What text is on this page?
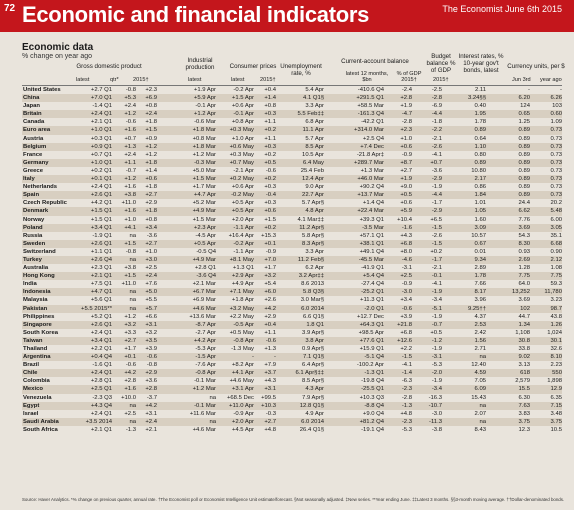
72 Economic and financial indicators	The Economist June 6th 2015
Economic data
% change on year ago
Gross domestic product
Industrial production	Consumer prices Unemployment rate, %
Current-account balance
Budget balance % of GDP
Interest rates, % 10-year gov't bonds, latest
Currency units, per $
latest	qtr*	2015†	latest	latest	2015†
latest 12 months, $bn
% of GDP 2015†	2015†	Jun 3rd year ago
United States	+2.7 Q1	-0.8	+2.3	+1.9 Apr	-0.2 Apr	+0.4	5.4 Apr	-410.6 Q4	-2.4	-2.5	2.11	-	-
China	+7.0 Q1	+5.3	+6.9	+5.9 Apr	+1.5 Apr	+1.4	4.1 Q1§	+291.5 Q1	+2.8	-2.8	3.24§§	6.20	6.26
Japan	-1.4 Q1	+2.4	+0.8	-0.1 Apr	+0.6 Apr	+0.8	3.3 Apr	+58.5 Mar	+1.9	-6.9	0.40	124	103
Britain	+2.4 Q1	+1.2	+2.4	+1.2 Apr	-0.1 Apr	+0.3	5.5 Feb‡‡	-161.3 Q4	-4.7	-4.4	1.95	0.65	0.60
Canada	+2.1 Q1	-0.6	+1.8	-0.6 Mar	+0.8 Apr	+1.1	6.8 Apr	-42.2 Q1	-2.8	-1.8	1.78	1.25	1.09
Euro area	+1.0 Q1	+1.6	+1.5	+1.8 Mar	+0.3 May	+0.2	11.1 Apr	+314.0 Mar	+2.3	-2.2	0.89	0.89	0.73
Austria	+0.3 Q1	+0.7	+0.9	+0.8 Mar	+1.0 Apr	+1.1	5.7 Apr	+2.5 Q4	+1.0	-2.1	0.64	0.89	0.73
Belgium	+0.9 Q1	+1.3	+1.2	+1.8 Mar	+0.6 May	+0.3	8.5 Apr	+7.4 Dec	+0.6	-2.6	1.10	0.89	0.73
France	+0.7 Q1	+2.4	+1.2	+1.2 Mar	+0.3 May	+0.2	10.5 Apr	-21.8 Apr‡	-0.9	-4.1	0.80	0.89	0.73
Germany	+1.0 Q1	+1.1	+1.8	-0.3 Mar	+0.7 May	+0.5	6.4 May	+289.7 Mar	+8.7	+0.7	0.89	0.89	0.73
Greece	+0.2 Q1	-0.7	+1.4	+5.0 Mar	-2.1 Apr	-0.6	25.4 Feb	+1.3 Mar	+2.7	-3.6	10.80	0.89	0.73
Italy	+0.1 Q1	+1.2	+0.6	+1.5 Mar	+0.2 May	+0.2	12.4 Apr	+46.0 Mar	+1.9	-2.9	2.17	0.89	0.73
Netherlands	+2.4 Q1	+1.6	+1.8	+1.7 Mar	+0.6 Apr	+0.3	9.0 Apr	+90.2 Q4	+9.0	-1.9	0.86	0.89	0.73
Spain	+2.6 Q1	+3.8	+2.7	+4.7 Apr	-0.2 May	-0.4	22.7 Apr	+13.7 Mar	+0.5	-4.4	1.84	0.89	0.73
Czech Republic	+4.2 Q1	+11.0	+2.9	+5.2 Mar	+0.5 Apr	+0.3	5.7 Apr§	+1.4 Q4	+0.6	-1.7	1.01	24.4	20.2
Denmark	+1.5 Q1	+1.6	+1.8	+4.9 Mar	+0.5 Apr	+0.6	4.8 Apr	+22.4 Mar	+5.9	-2.9	1.05	6.62	5.48
Norway	+1.5 Q1	+1.0	+0.8	+1.5 Mar	+2.0 Apr	+1.5	4.1 Mar‡‡	+39.3 Q1	+10.4	+6.5	1.60	7.76	6.00
Poland	+3.4 Q1	+4.1	+3.4	+2.3 Apr	-1.1 Apr	+0.2	11.2 Apr§	-3.5 Mar	-1.6	-1.5	3.09	3.69	3.05
Russia	-1.9 Q1	na	-3.6	-4.5 Apr	+16.4 Apr	+15.3	5.8 Apr§	+57.1 Q1	+4.3	-2.6	10.57	54.3	35.1
Sweden	+2.6 Q1	+1.5	+2.7	+0.5 Apr	-0.2 Apr	+0.1	8.3 Apr§	+38.1 Q1	+6.8	-1.5	0.67	8.30	6.68
Switzerland	+1.1 Q1	-0.8	+1.0	-0.5 Q4	-1.1 Apr	-0.9	3.3 Apr	+49.1 Q4	+8.0	+0.2	0.01	0.93	0.90
Turkey	+2.6 Q4	na	+3.0	+4.9 Mar	+8.1 May	+7.0	11.2 Feb§	-45.5 Mar	-4.6	-1.7	9.34	2.69	2.12
Australia	+2.3 Q1	+3.8	+2.5	+2.8 Q1	+1.3 Q1	+1.7	6.2 Apr	-41.9 Q1	-3.1	-2.1	2.89	1.28	1.08
Hong Kong	+2.1 Q1	+1.5	+2.4	-3.6 Q4	+2.9 Apr	+3.2	3.2 Apr‡‡	+5.4 Q4	+2.5	-0.1	1.78	7.75	7.75
India	+7.5 Q1	+11.0	+7.6	+2.1 Mar	+4.9 Apr	+5.4	8.6 2013	-27.4 Q4	-0.9	-4.1	7.66	64.0	59.3
Indonesia	+4.7 Q1	na	+5.0	+6.7 Mar	+7.1 May	+6.0	5.8 Q3§	-25.2 Q1	-3.0	-1.9	8.17	13,252	11,780
Malaysia	+5.6 Q1	na	+5.5	+6.9 Mar	+1.8 Apr	+2.6	3.0 Mar§	+11.3 Q1	+3.4	-3.4	3.96	3.69	3.23
Pakistan	+5.5 2015**	na	+5.7	+4.6 Mar	+3.2 May	+4.2	6.0 2014	-2.0 Q1	-0.6	-5.1	9.25††	102	98.7
Philippines	+5.2 Q1	+1.2	+6.6	+13.6 Mar	+2.2 May	+2.9	6.6 Q1§	+12.7 Dec	+3.9	-1.9	4.37	44.7	43.8
Singapore	+2.6 Q1	+3.2	+3.1	-8.7 Apr	-0.5 Apr	+0.4	1.8 Q1	+64.3 Q1	+21.8	-0.7	2.53	1.34	1.26
South Korea	+2.4 Q1	+3.3	+3.2	-2.7 Apr	+0.5 May	+1.1	3.9 Apr§	+98.5 Apr	+6.8	+0.5	2.42	1,108	1,024
Taiwan	+3.4 Q1	+2.7	+3.5	+4.2 Apr	-0.8 Apr	-0.6	3.8 Apr	+77.6 Q1	+12.6	-1.2	1.56	30.8	30.1
Thailand	+2.2 Q1	+1.7	+3.9	-5.3 Apr	-1.3 May	+1.3	0.9 Apr§	+15.9 Q1	+2.2	-1.9	2.71	33.8	32.6
Argentina	+0.4 Q4	+0.1	-0.6	-1.5 Apr	-	-	7.1 Q1§	-5.1 Q4	-1.5	-3.1	na	9.02	8.10
Brazil	-1.6 Q1	-0.6	-0.8	-7.6 Apr	+8.2 Apr	+7.9	6.4 Apr§	-100.2 Apr	-4.1	-5.3	12.40	3.13	2.23
Chile	+2.4 Q1	+4.2	+2.9	-0.8 Apr	+4.1 Apr	+3.7	6.1 Apr§‡‡	-1.3 Q1	-1.4	-2.0	4.59	618	550
Colombia	+2.8 Q1	+2.8	+3.6	-0.1 Mar	+4.6 May	+4.3	8.5 Apr§	-19.8 Q4	-6.3	-1.9	7.05	2,579	1,898
Mexico	+2.5 Q1	+1.6	+2.8	+1.2 Mar	+3.1 Apr	+3.1	4.3 Apr	-25.5 Q1	-2.3	-3.4	6.09	15.5	12.9
Venezuela	-2.3 Q3	+10.0	-3.7	na	+68.5 Dec	+99.5	7.9 Apr§	+10.3 Q3	-2.8	-16.3	15.43	6.30	6.35
Egypt	+4.3 Q4	na	+4.2	-0.1 Mar	+11.0 Apr	+10.3	12.8 Q1§	-8.8 Q4	-1.3	-10.7	na	7.63	7.15
Israel	+2.4 Q1	+2.5	+3.1	+11.6 Mar	-0.9 Apr	-0.3	4.9 Apr	+9.0 Q4	+4.8	-3.0	2.07	3.83	3.48
Saudi Arabia	+3.5 2014	na	+2.4	na	+2.0 Apr	+2.7	6.0 2014	+81.2 Q4	-2.3	-11.3	na	3.75	3.75
South Africa	+2.1 Q1	-1.3	+2.1	+4.6 Mar	+4.5 Apr	+4.8	26.4 Q1§	-19.1 Q4	-5.3	-3.8	8.43	12.3	10.5
Source: Haver Analytics. *% change on previous quarter, annual rate. †The Economist poll or Economist Intelligence Unit estimate/forecast. §Not seasonally adjusted. ‡New series. **Year ending June. ‡‡Latest 3 months. §§3-month moving average. ††Dollar-denominated bonds.
